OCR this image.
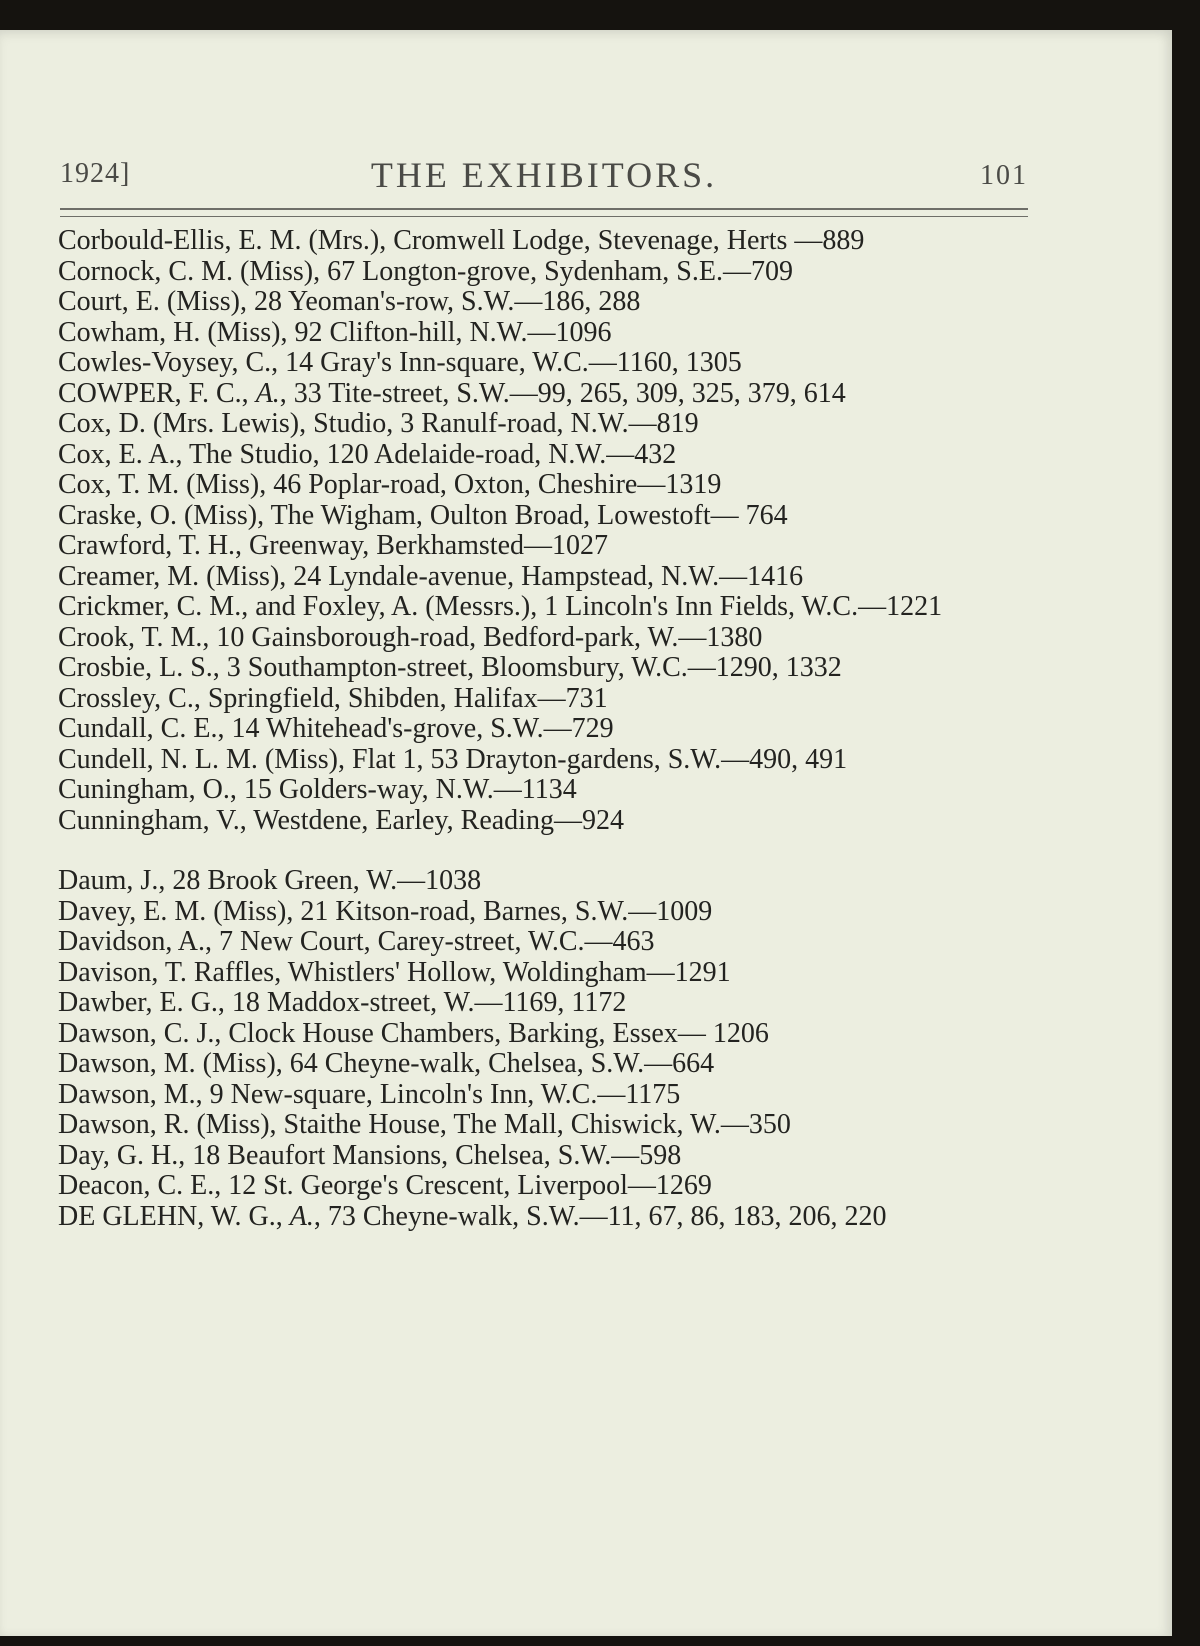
1924]	THE EXHIBITORS.	101

Corbould-Ellis, E. M. (Mrs.), Cromwell Lodge, Stevenage, Herts —889

Cornock, C. M. (Miss), 67 Longton-grove, Sydenham, S.E.—709

Court, E. (Miss), 28 Yeoman's-row, S.W.—186, 288

Cowham, H. (Miss), 92 Clifton-hill, N.W.—1096

Cowles-Voysey, C., 14 Gray's Inn-square, W.C.—1160, 1305

COWPER, F. C., A., 33 Tite-street, S.W.—99, 265, 309, 325, 379, 614

Cox, D. (Mrs. Lewis), Studio, 3 Ranulf-road, N.W.—819

Cox, E. A., The Studio, 120 Adelaide-road, N.W.—432

Cox, T. M. (Miss), 46 Poplar-road, Oxton, Cheshire—1319

Craske, O. (Miss), The Wigham, Oulton Broad, Lowestoft— 764

Crawford, T. H., Greenway, Berkhamsted—1027

Creamer, M. (Miss), 24 Lyndale-avenue, Hampstead, N.W.—1416

Crickmer, C. M., and Foxley, A. (Messrs.), 1 Lincoln's Inn Fields, W.C.—1221

Crook, T. M., 10 Gainsborough-road, Bedford-park, W.—1380

Crosbie, L. S., 3 Southampton-street, Bloomsbury, W.C.—1290, 1332

Crossley, C., Springfield, Shibden, Halifax—731

Cundall, C. E., 14 Whitehead's-grove, S.W.—729

Cundell, N. L. M. (Miss), Flat 1, 53 Drayton-gardens, S.W.—490, 491

Cuningham, O., 15 Golders-way, N.W.—1134

Cunningham, V., Westdene, Earley, Reading—924

Daum, J., 28 Brook Green, W.—1038

Davey, E. M. (Miss), 21 Kitson-road, Barnes, S.W.—1009

Davidson, A., 7 New Court, Carey-street, W.C.—463

Davison, T. Raffles, Whistlers' Hollow, Woldingham—1291

Dawber, E. G., 18 Maddox-street, W.—1169, 1172

Dawson, C. J., Clock House Chambers, Barking, Essex— 1206

Dawson, M. (Miss), 64 Cheyne-walk, Chelsea, S.W.—664

Dawson, M., 9 New-square, Lincoln's Inn, W.C.—1175

Dawson, R. (Miss), Staithe House, The Mall, Chiswick, W.—350

Day, G. H., 18 Beaufort Mansions, Chelsea, S.W.—598

Deacon, C. E., 12 St. George's Crescent, Liverpool—1269

DE GLEHN, W. G., A., 73 Cheyne-walk, S.W.—11, 67, 86, 183, 206, 220
